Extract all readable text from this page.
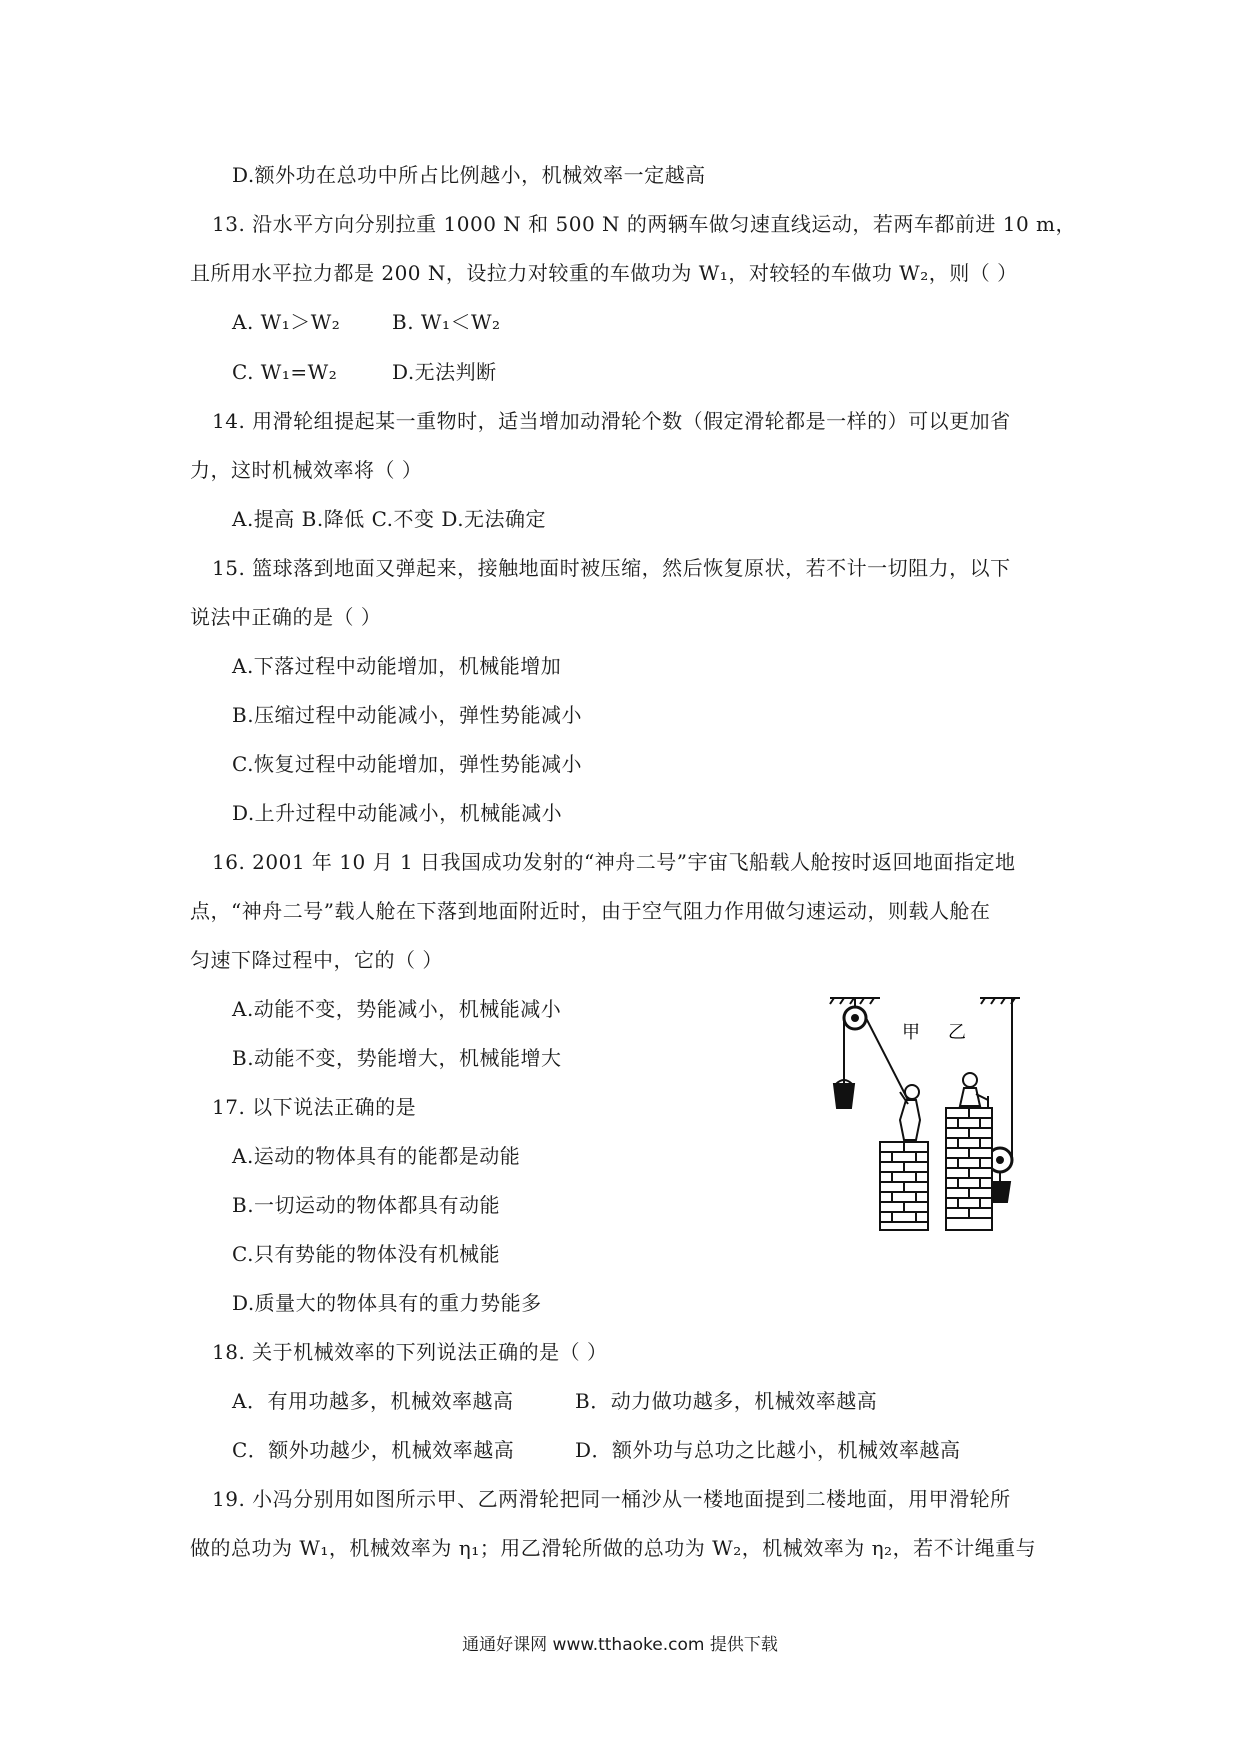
D.额外功在总功中所占比例越小，机械效率一定越高
13. 沿水平方向分别拉重 1000 N 和 500 N 的两辆车做匀速直线运动，若两车都前进 10 m，
且所用水平拉力都是 200 N，设拉力对较重的车做功为 W₁，对较轻的车做功 W₂，则（ ）
14. 用滑轮组提起某一重物时，适当增加动滑轮个数（假定滑轮都是一样的）可以更加省
力，这时机械效率将（ ）
A.提高 B.降低 C.不变 D.无法确定
15. 篮球落到地面又弹起来，接触地面时被压缩，然后恢复原状，若不计一切阻力，以下
说法中正确的是（ ）
A.下落过程中动能增加，机械能增加
B.压缩过程中动能减小，弹性势能减小
C.恢复过程中动能增加，弹性势能减小
D.上升过程中动能减小，机械能减小
16. 2001 年 10 月 1 日我国成功发射的“神舟二号”宇宙飞船载人舱按时返回地面指定地
点，“神舟二号”载人舱在下落到地面附近时，由于空气阻力作用做匀速运动，则载人舱在
匀速下降过程中，它的（ ）
A.动能不变，势能减小，机械能减小
B.动能不变，势能增大，机械能增大
17. 以下说法正确的是
A.运动的物体具有的能都是动能
B.一切运动的物体都具有动能
C.只有势能的物体没有机械能
D.质量大的物体具有的重力势能多
18. 关于机械效率的下列说法正确的是（ ）
19. 小冯分别用如图所示甲、乙两滑轮把同一桶沙从一楼地面提到二楼地面，用甲滑轮所
做的总功为 W₁，机械效率为 η₁；用乙滑轮所做的总功为 W₂，机械效率为 η₂，若不计绳重与
A. W₁＞W₂	B. W₁＜W₂
C. W₁=W₂	D.无法判断
A．有用功越多，机械效率越高	B．动力做功越多，机械效率越高
C．额外功越少，机械效率越高	D．额外功与总功之比越小，机械效率越高
甲 乙
通通好课网 www.tthaoke.com 提供下载
